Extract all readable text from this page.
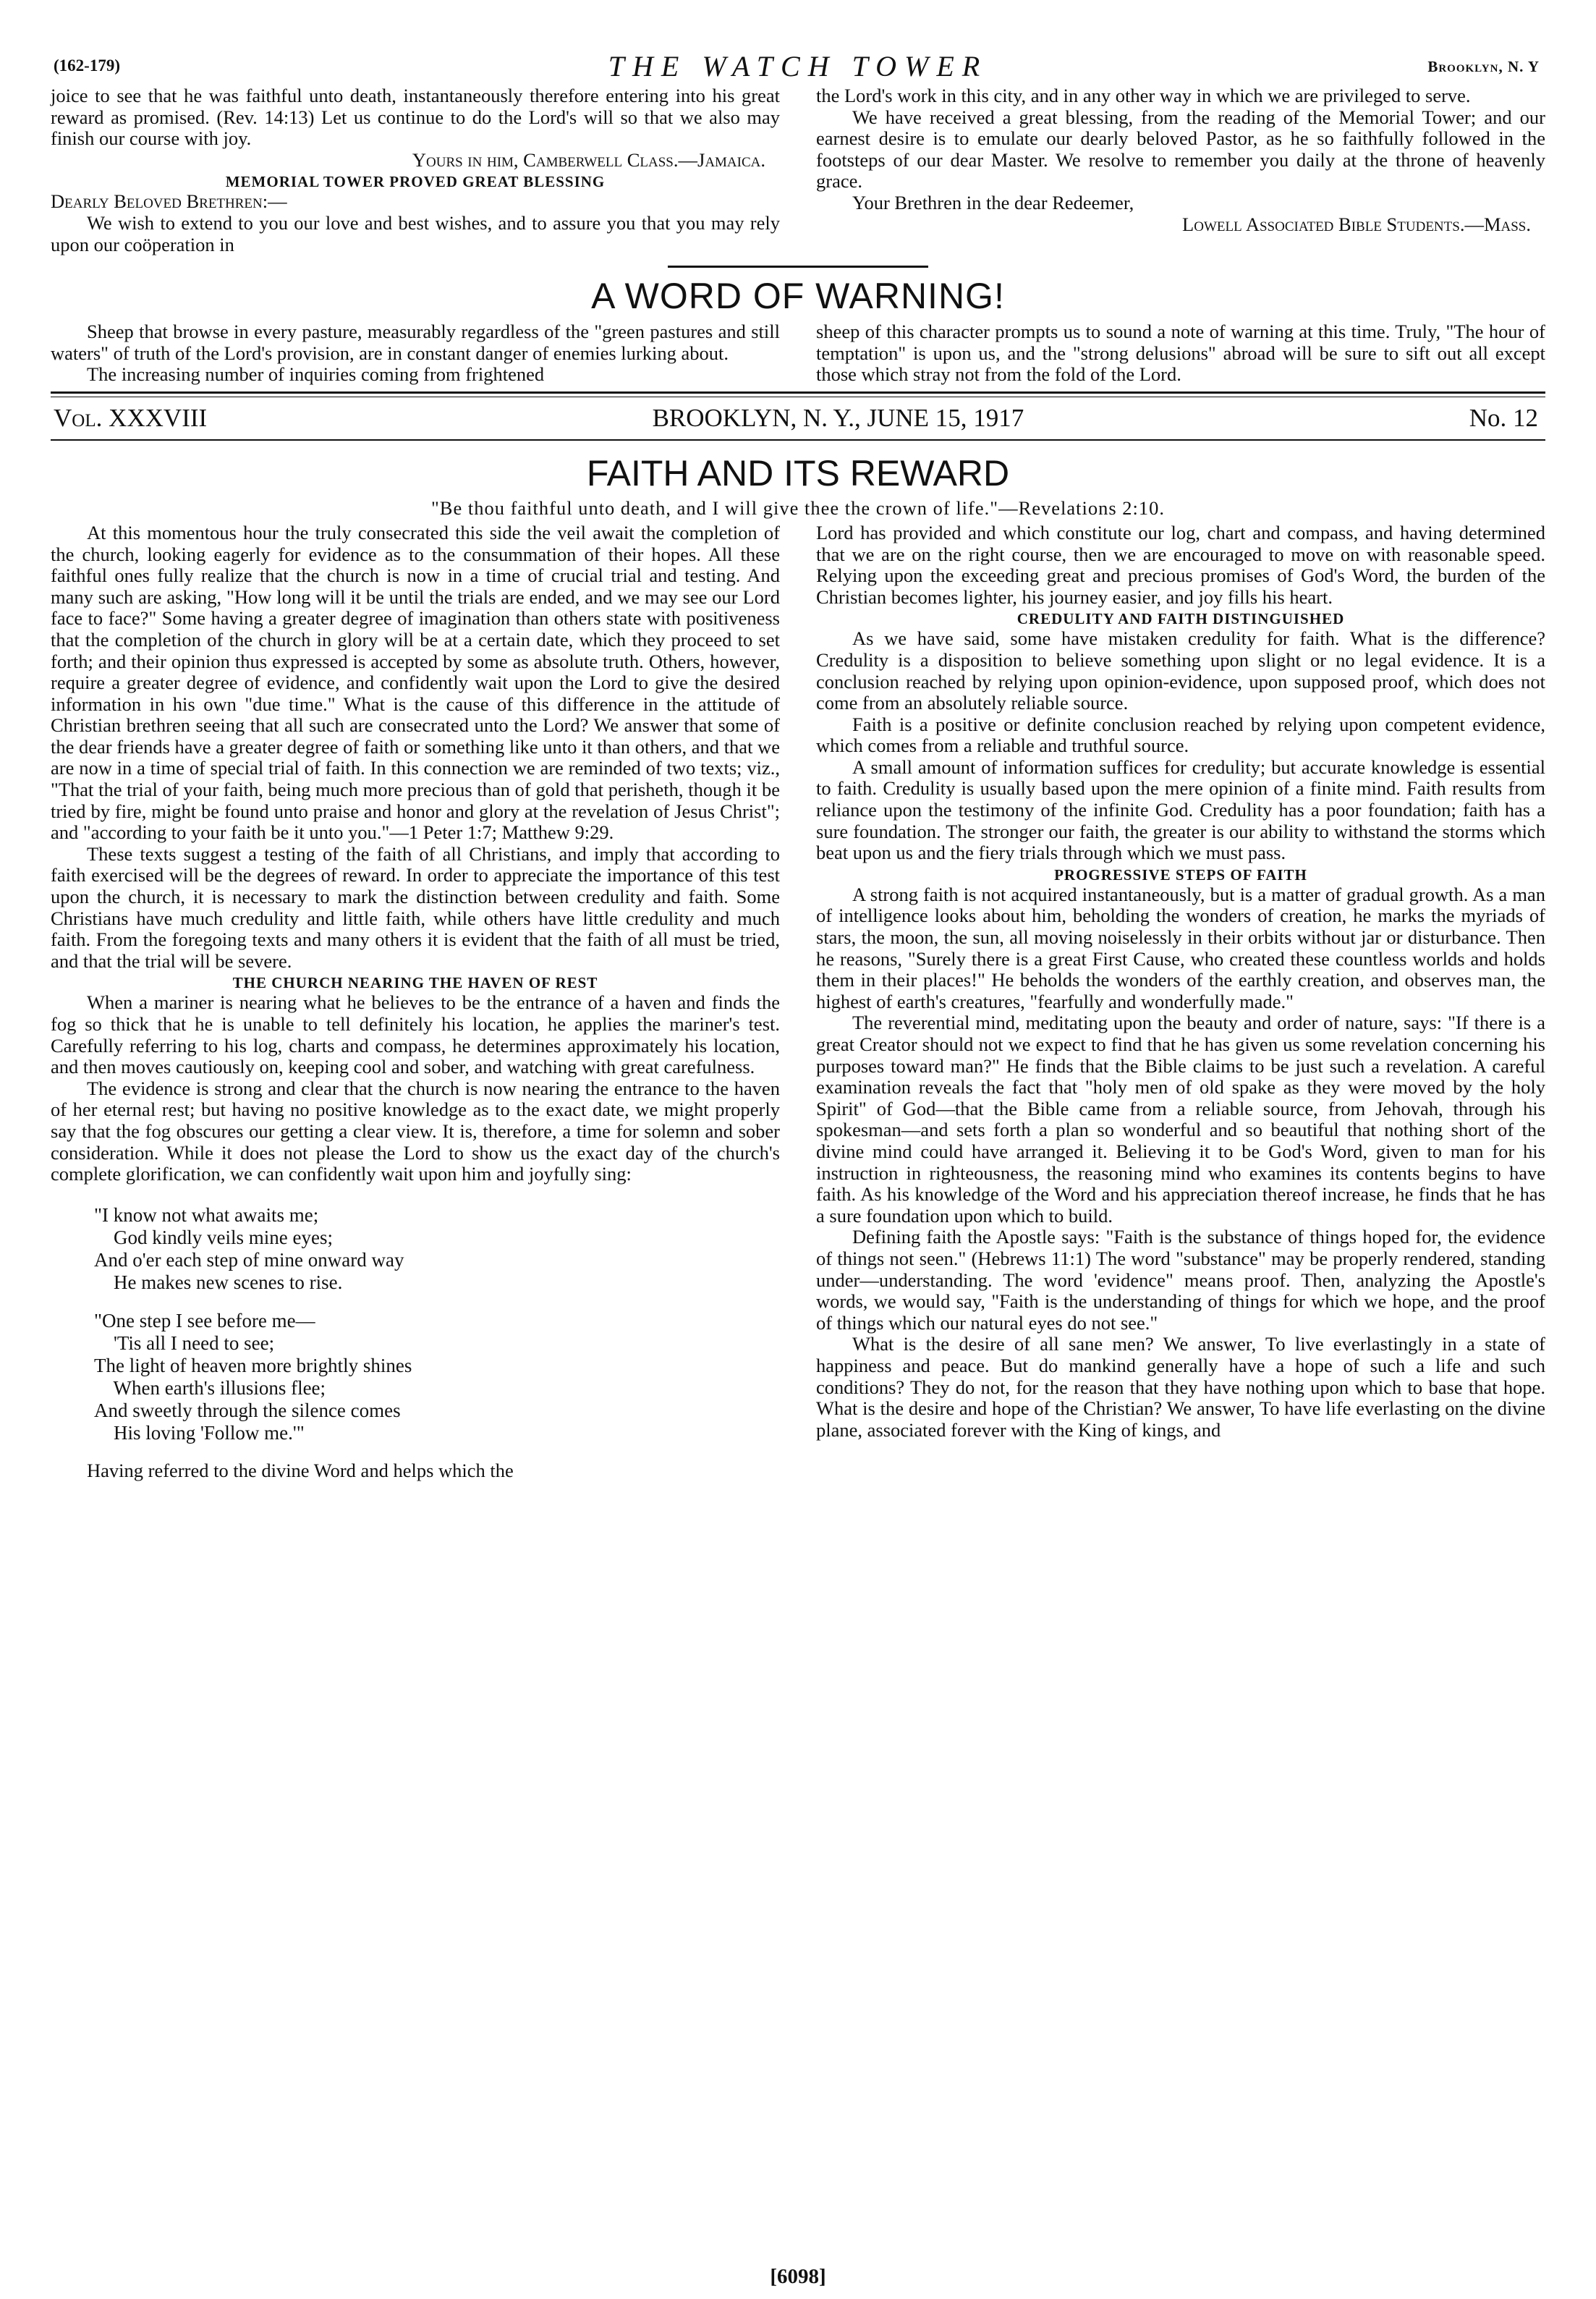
(162-179)	THE WATCH TOWER	Brooklyn, N. Y

joice to see that he was faithful unto death, instantaneously therefore entering into his great reward as promised. (Rev. 14:13) Let us continue to do the Lord's will so that we also may finish our course with joy.

Yours in him, Camberwell Class.—Jamaica.

MEMORIAL TOWER PROVED GREAT BLESSING

Dearly Beloved Brethren:—

We wish to extend to you our love and best wishes, and to assure you that you may rely upon our coöperation in

the Lord's work in this city, and in any other way in which we are privileged to serve.

We have received a great blessing, from the reading of the Memorial Tower; and our earnest desire is to emulate our dearly beloved Pastor, as he so faithfully followed in the footsteps of our dear Master. We resolve to remember you daily at the throne of heavenly grace.

Your Brethren in the dear Redeemer,

Lowell Associated Bible Students.—Mass.

A WORD OF WARNING!

Sheep that browse in every pasture, measurably regardless of the "green pastures and still waters" of truth of the Lord's provision, are in constant danger of enemies lurking about.

The increasing number of inquiries coming from frightened

sheep of this character prompts us to sound a note of warning at this time. Truly, "The hour of temptation" is upon us, and the "strong delusions" abroad will be sure to sift out all except those which stray not from the fold of the Lord.

Vol. XXXVIII	BROOKLYN, N. Y., JUNE 15, 1917	No. 12
FAITH AND ITS REWARD
"Be thou faithful unto death, and I will give thee the crown of life."—Revelations 2:10.

At this momentous hour the truly consecrated this side the veil await the completion of the church, looking eagerly for evidence as to the consummation of their hopes. All these faithful ones fully realize that the church is now in a time of crucial trial and testing. And many such are asking, "How long will it be until the trials are ended, and we may see our Lord face to face?" Some having a greater degree of imagination than others state with positiveness that the completion of the church in glory will be at a certain date, which they proceed to set forth; and their opinion thus expressed is accepted by some as absolute truth. Others, however, require a greater degree of evidence, and confidently wait upon the Lord to give the desired information in his own "due time." What is the cause of this difference in the attitude of Christian brethren seeing that all such are consecrated unto the Lord? We answer that some of the dear friends have a greater degree of faith or something like unto it than others, and that we are now in a time of special trial of faith. In this connection we are reminded of two texts; viz., "That the trial of your faith, being much more precious than of gold that perisheth, though it be tried by fire, might be found unto praise and honor and glory at the revelation of Jesus Christ"; and "according to your faith be it unto you."—1 Peter 1:7; Matthew 9:29.

These texts suggest a testing of the faith of all Christians, and imply that according to faith exercised will be the degrees of reward. In order to appreciate the importance of this test upon the church, it is necessary to mark the distinction between credulity and faith. Some Christians have much credulity and little faith, while others have little credulity and much faith. From the foregoing texts and many others it is evident that the faith of all must be tried, and that the trial will be severe.

THE CHURCH NEARING THE HAVEN OF REST

When a mariner is nearing what he believes to be the entrance of a haven and finds the fog so thick that he is unable to tell definitely his location, he applies the mariner's test. Carefully referring to his log, charts and compass, he determines approximately his location, and then moves cautiously on, keeping cool and sober, and watching with great carefulness.

The evidence is strong and clear that the church is now nearing the entrance to the haven of her eternal rest; but having no positive knowledge as to the exact date, we might properly say that the fog obscures our getting a clear view. It is, therefore, a time for solemn and sober consideration. While it does not please the Lord to show us the exact day of the church's complete glorification, we can confidently wait upon him and joyfully sing:

"I know not what awaits me;
God kindly veils mine eyes;
And o'er each step of mine onward way
He makes new scenes to rise.
"One step I see before me—
'Tis all I need to see;
The light of heaven more brightly shines
When earth's illusions flee;
And sweetly through the silence comes
His loving 'Follow me.'"

Having referred to the divine Word and helps which the

Lord has provided and which constitute our log, chart and compass, and having determined that we are on the right course, then we are encouraged to move on with reasonable speed. Relying upon the exceeding great and precious promises of God's Word, the burden of the Christian becomes lighter, his journey easier, and joy fills his heart.

CREDULITY AND FAITH DISTINGUISHED

As we have said, some have mistaken credulity for faith. What is the difference? Credulity is a disposition to believe something upon slight or no legal evidence. It is a conclusion reached by relying upon opinion-evidence, upon supposed proof, which does not come from an absolutely reliable source.

Faith is a positive or definite conclusion reached by relying upon competent evidence, which comes from a reliable and truthful source.

A small amount of information suffices for credulity; but accurate knowledge is essential to faith. Credulity is usually based upon the mere opinion of a finite mind. Faith results from reliance upon the testimony of the infinite God. Credulity has a poor foundation; faith has a sure foundation. The stronger our faith, the greater is our ability to withstand the storms which beat upon us and the fiery trials through which we must pass.

PROGRESSIVE STEPS OF FAITH

A strong faith is not acquired instantaneously, but is a matter of gradual growth. As a man of intelligence looks about him, beholding the wonders of creation, he marks the myriads of stars, the moon, the sun, all moving noiselessly in their orbits without jar or disturbance. Then he reasons, "Surely there is a great First Cause, who created these countless worlds and holds them in their places!" He beholds the wonders of the earthly creation, and observes man, the highest of earth's creatures, "fearfully and wonderfully made."

The reverential mind, meditating upon the beauty and order of nature, says: "If there is a great Creator should not we expect to find that he has given us some revelation concerning his purposes toward man?" He finds that the Bible claims to be just such a revelation. A careful examination reveals the fact that "holy men of old spake as they were moved by the holy Spirit" of God—that the Bible came from a reliable source, from Jehovah, through his spokesman—and sets forth a plan so wonderful and so beautiful that nothing short of the divine mind could have arranged it. Believing it to be God's Word, given to man for his instruction in righteousness, the reasoning mind who examines its contents begins to have faith. As his knowledge of the Word and his appreciation thereof increase, he finds that he has a sure foundation upon which to build.

Defining faith the Apostle says: "Faith is the substance of things hoped for, the evidence of things not seen." (Hebrews 11:1) The word "substance" may be properly rendered, standing under—understanding. The word 'evidence" means proof. Then, analyzing the Apostle's words, we would say, "Faith is the understanding of things for which we hope, and the proof of things which our natural eyes do not see."

What is the desire of all sane men? We answer, To live everlastingly in a state of happiness and peace. But do mankind generally have a hope of such a life and such conditions? They do not, for the reason that they have nothing upon which to base that hope. What is the desire and hope of the Christian? We answer, To have life everlasting on the divine plane, associated forever with the King of kings, and

[6098]
